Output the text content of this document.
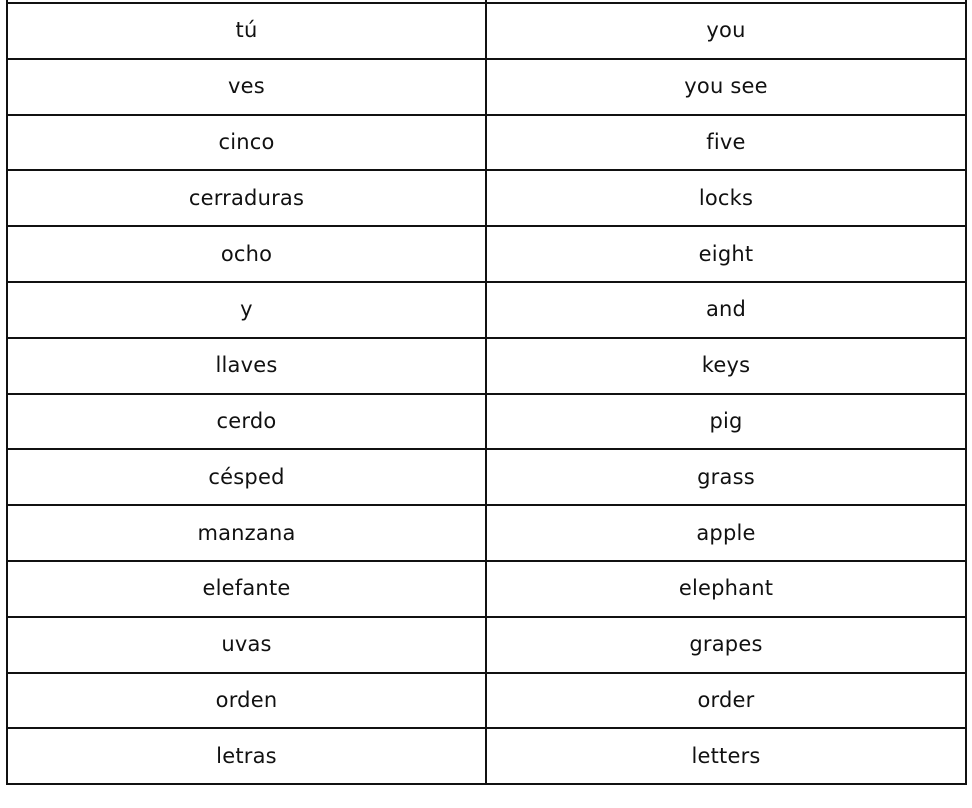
tú	you
ves	you see
cinco	five
cerraduras	locks
ocho	eight
y	and
llaves	keys
cerdo	pig
césped	grass
manzana	apple
elefante	elephant
uvas	grapes
orden	order
letras	letters
